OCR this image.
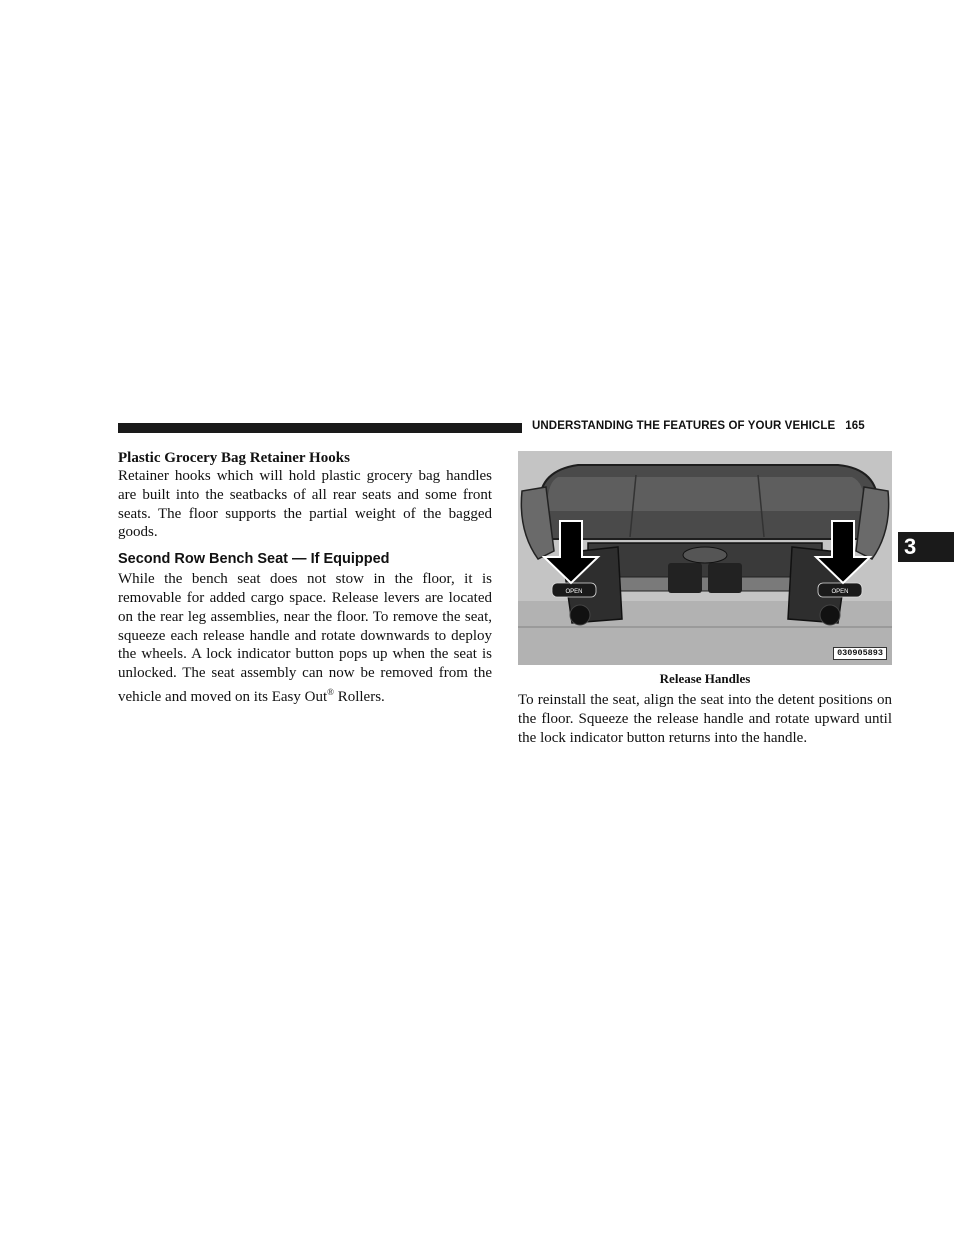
UNDERSTANDING THE FEATURES OF YOUR VEHICLE 165
3
Plastic Grocery Bag Retainer Hooks

Retainer hooks which will hold plastic grocery bag handles are built into the seatbacks of all rear seats and some front seats. The floor supports the partial weight of the bagged goods.

Second Row Bench Seat — If Equipped

While the bench seat does not stow in the floor, it is removable for added cargo space. Release levers are located on the rear leg assemblies, near the floor. To remove the seat, squeeze each release handle and rotate downwards to deploy the wheels. A lock indicator button pops up when the seat is unlocked. The seat assembly can now be removed from the vehicle and moved on its Easy Out® Rollers.

OPEN	OPEN
030905893
Release Handles

To reinstall the seat, align the seat into the detent positions on the floor. Squeeze the release handle and rotate upward until the lock indicator button returns into the handle.
